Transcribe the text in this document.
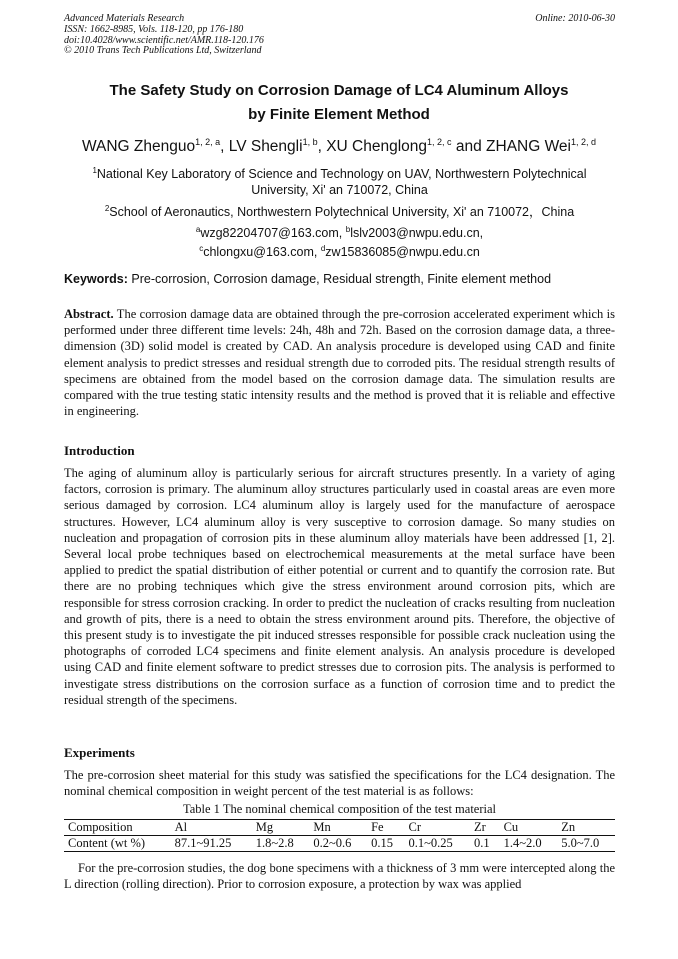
Advanced Materials Research
ISSN: 1662-8985, Vols. 118-120, pp 176-180
doi:10.4028/www.scientific.net/AMR.118-120.176
© 2010 Trans Tech Publications Ltd, Switzerland
Online: 2010-06-30
The Safety Study on Corrosion Damage of LC4 Aluminum Alloys
by Finite Element Method
WANG Zhenguo$^{1, 2, a}$, LV Shengli$^{1, b}$, XU Chenglong$^{1, 2, c}$ and ZHANG Wei$^{1, 2, d}$
$^1$National Key Laboratory of Science and Technology on UAV, Northwestern Polytechnical
University, Xi' an 710072, China
$^2$School of Aeronautics, Northwestern Polytechnical University, Xi' an 710072，China
$^a$wzg82204707@163.com, $^b$lslv2003@nwpu.edu.cn,
$^c$chlongxu@163.com, $^d$zw15836085@nwpu.edu.cn
Keywords: Pre-corrosion, Corrosion damage, Residual strength, Finite element method
Abstract. The corrosion damage data are obtained through the pre-corrosion accelerated experiment which is performed under three different time levels: 24h, 48h and 72h. Based on the corrosion damage data, a three-dimension (3D) solid model is created by CAD. An analysis procedure is developed using CAD and finite element analysis to predict stresses and residual strength due to corroded pits. The residual strength results of specimens are obtained from the model based on the corrosion damage data. The simulation results are compared with the true testing static intensity results and the method is proved that it is reliable and effective in engineering.
Introduction
The aging of aluminum alloy is particularly serious for aircraft structures presently. In a variety of aging factors, corrosion is primary. The aluminum alloy structures particularly used in coastal areas are even more serious damaged by corrosion. LC4 aluminum alloy is largely used for the manufacture of aerospace structures. However, LC4 aluminum alloy is very susceptive to corrosion damage. So many studies on nucleation and propagation of corrosion pits in these aluminum alloy materials have been addressed [1, 2]. Several local probe techniques based on electrochemical measurements at the metal surface have been applied to predict the spatial distribution of either potential or current and to quantify the corrosion rate. But there are no probing techniques which give the stress environment around corrosion pits, which are responsible for stress corrosion cracking. In order to predict the nucleation of cracks resulting from nucleation and growth of pits, there is a need to obtain the stress environment around pits. Therefore, the objective of this present study is to investigate the pit induced stresses responsible for possible crack nucleation using the photographs of corroded LC4 specimens and finite element analysis. An analysis procedure is developed using CAD and finite element software to predict stresses due to corrosion pits. The analysis is performed to investigate stress distributions on the corrosion surface as a function of corrosion time and to predict the residual strength of the specimens.
Experiments
The pre-corrosion sheet material for this study was satisfied the specifications for the LC4 designation. The nominal chemical composition in weight percent of the test material is as follows:
Table 1 The nominal chemical composition of the test material
Composition	Al	Mg	Mn	Fe	Cr	Zr	Cu	Zn
Content (wt %)	87.1~91.25	1.8~2.8	0.2~0.6	0.15	0.1~0.25	0.1	1.4~2.0	5.0~7.0
For the pre-corrosion studies, the dog bone specimens with a thickness of 3 mm were intercepted along the L direction (rolling direction). Prior to corrosion exposure, a protection by wax was applied
